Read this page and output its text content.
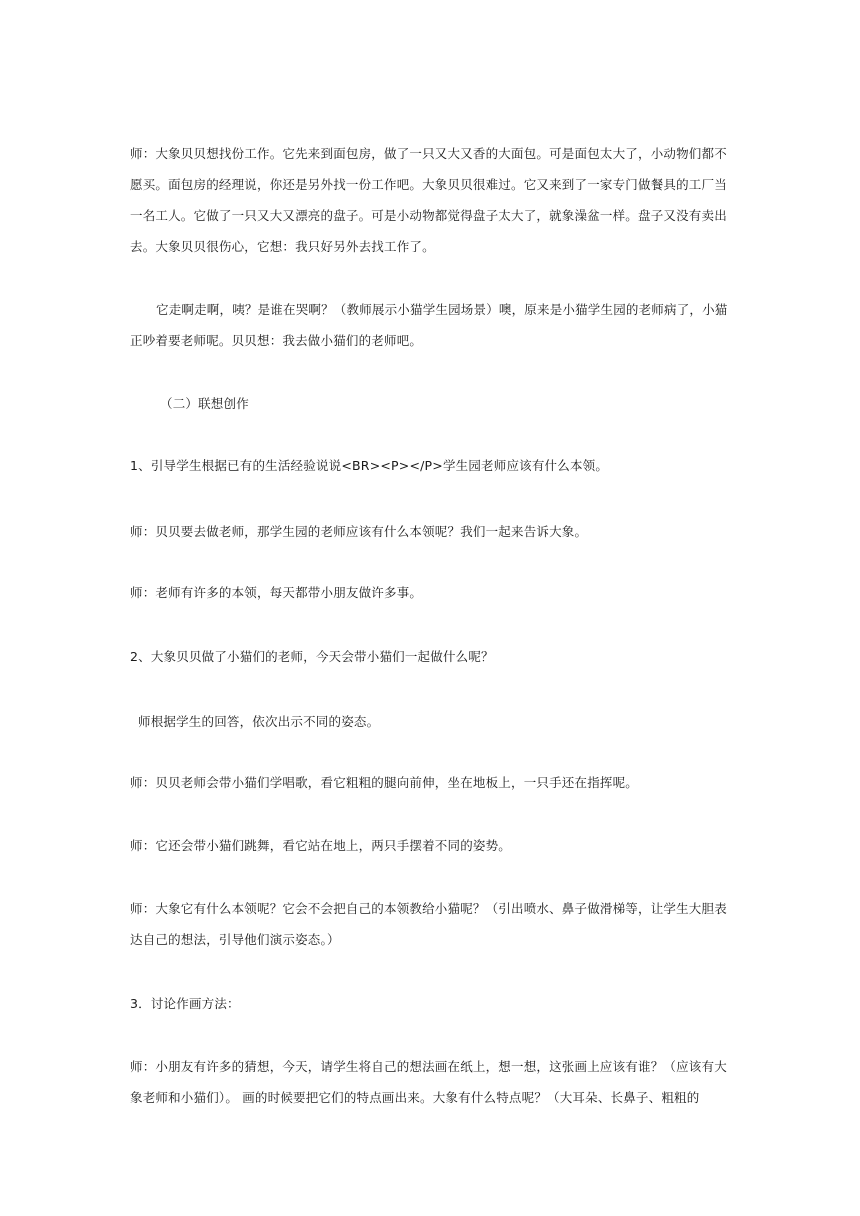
师：大象贝贝想找份工作。它先来到面包房，做了一只又大又香的大面包。可是面包太大了，小动物们都不愿买。面包房的经理说，你还是另外找一份工作吧。大象贝贝很难过。它又来到了一家专门做餐具的工厂当一名工人。它做了一只又大又漂亮的盘子。可是小动物都觉得盘子太大了，就象澡盆一样。盘子又没有卖出去。大象贝贝很伤心，它想：我只好另外去找工作了。

它走啊走啊，咦？是谁在哭啊？（教师展示小猫学生园场景）噢，原来是小猫学生园的老师病了，小猫正吵着要老师呢。贝贝想：我去做小猫们的老师吧。

（二）联想创作

1、引导学生根据已有的生活经验说说<BR><P></P>学生园老师应该有什么本领。

师：贝贝要去做老师，那学生园的老师应该有什么本领呢？我们一起来告诉大象。

师：老师有许多的本领，每天都带小朋友做许多事。

2、大象贝贝做了小猫们的老师，今天会带小猫们一起做什么呢？

师根据学生的回答，依次出示不同的姿态。

师：贝贝老师会带小猫们学唱歌，看它粗粗的腿向前伸，坐在地板上，一只手还在指挥呢。

师：它还会带小猫们跳舞，看它站在地上，两只手摆着不同的姿势。

师：大象它有什么本领呢？它会不会把自己的本领教给小猫呢？（引出喷水、鼻子做滑梯等，让学生大胆表达自己的想法，引导他们演示姿态。）

3．讨论作画方法：

师：小朋友有许多的猜想，今天，请学生将自己的想法画在纸上，想一想，这张画上应该有谁？（应该有大象老师和小猫们）。 画的时候要把它们的特点画出来。大象有什么特点呢？（大耳朵、长鼻子、粗粗的
